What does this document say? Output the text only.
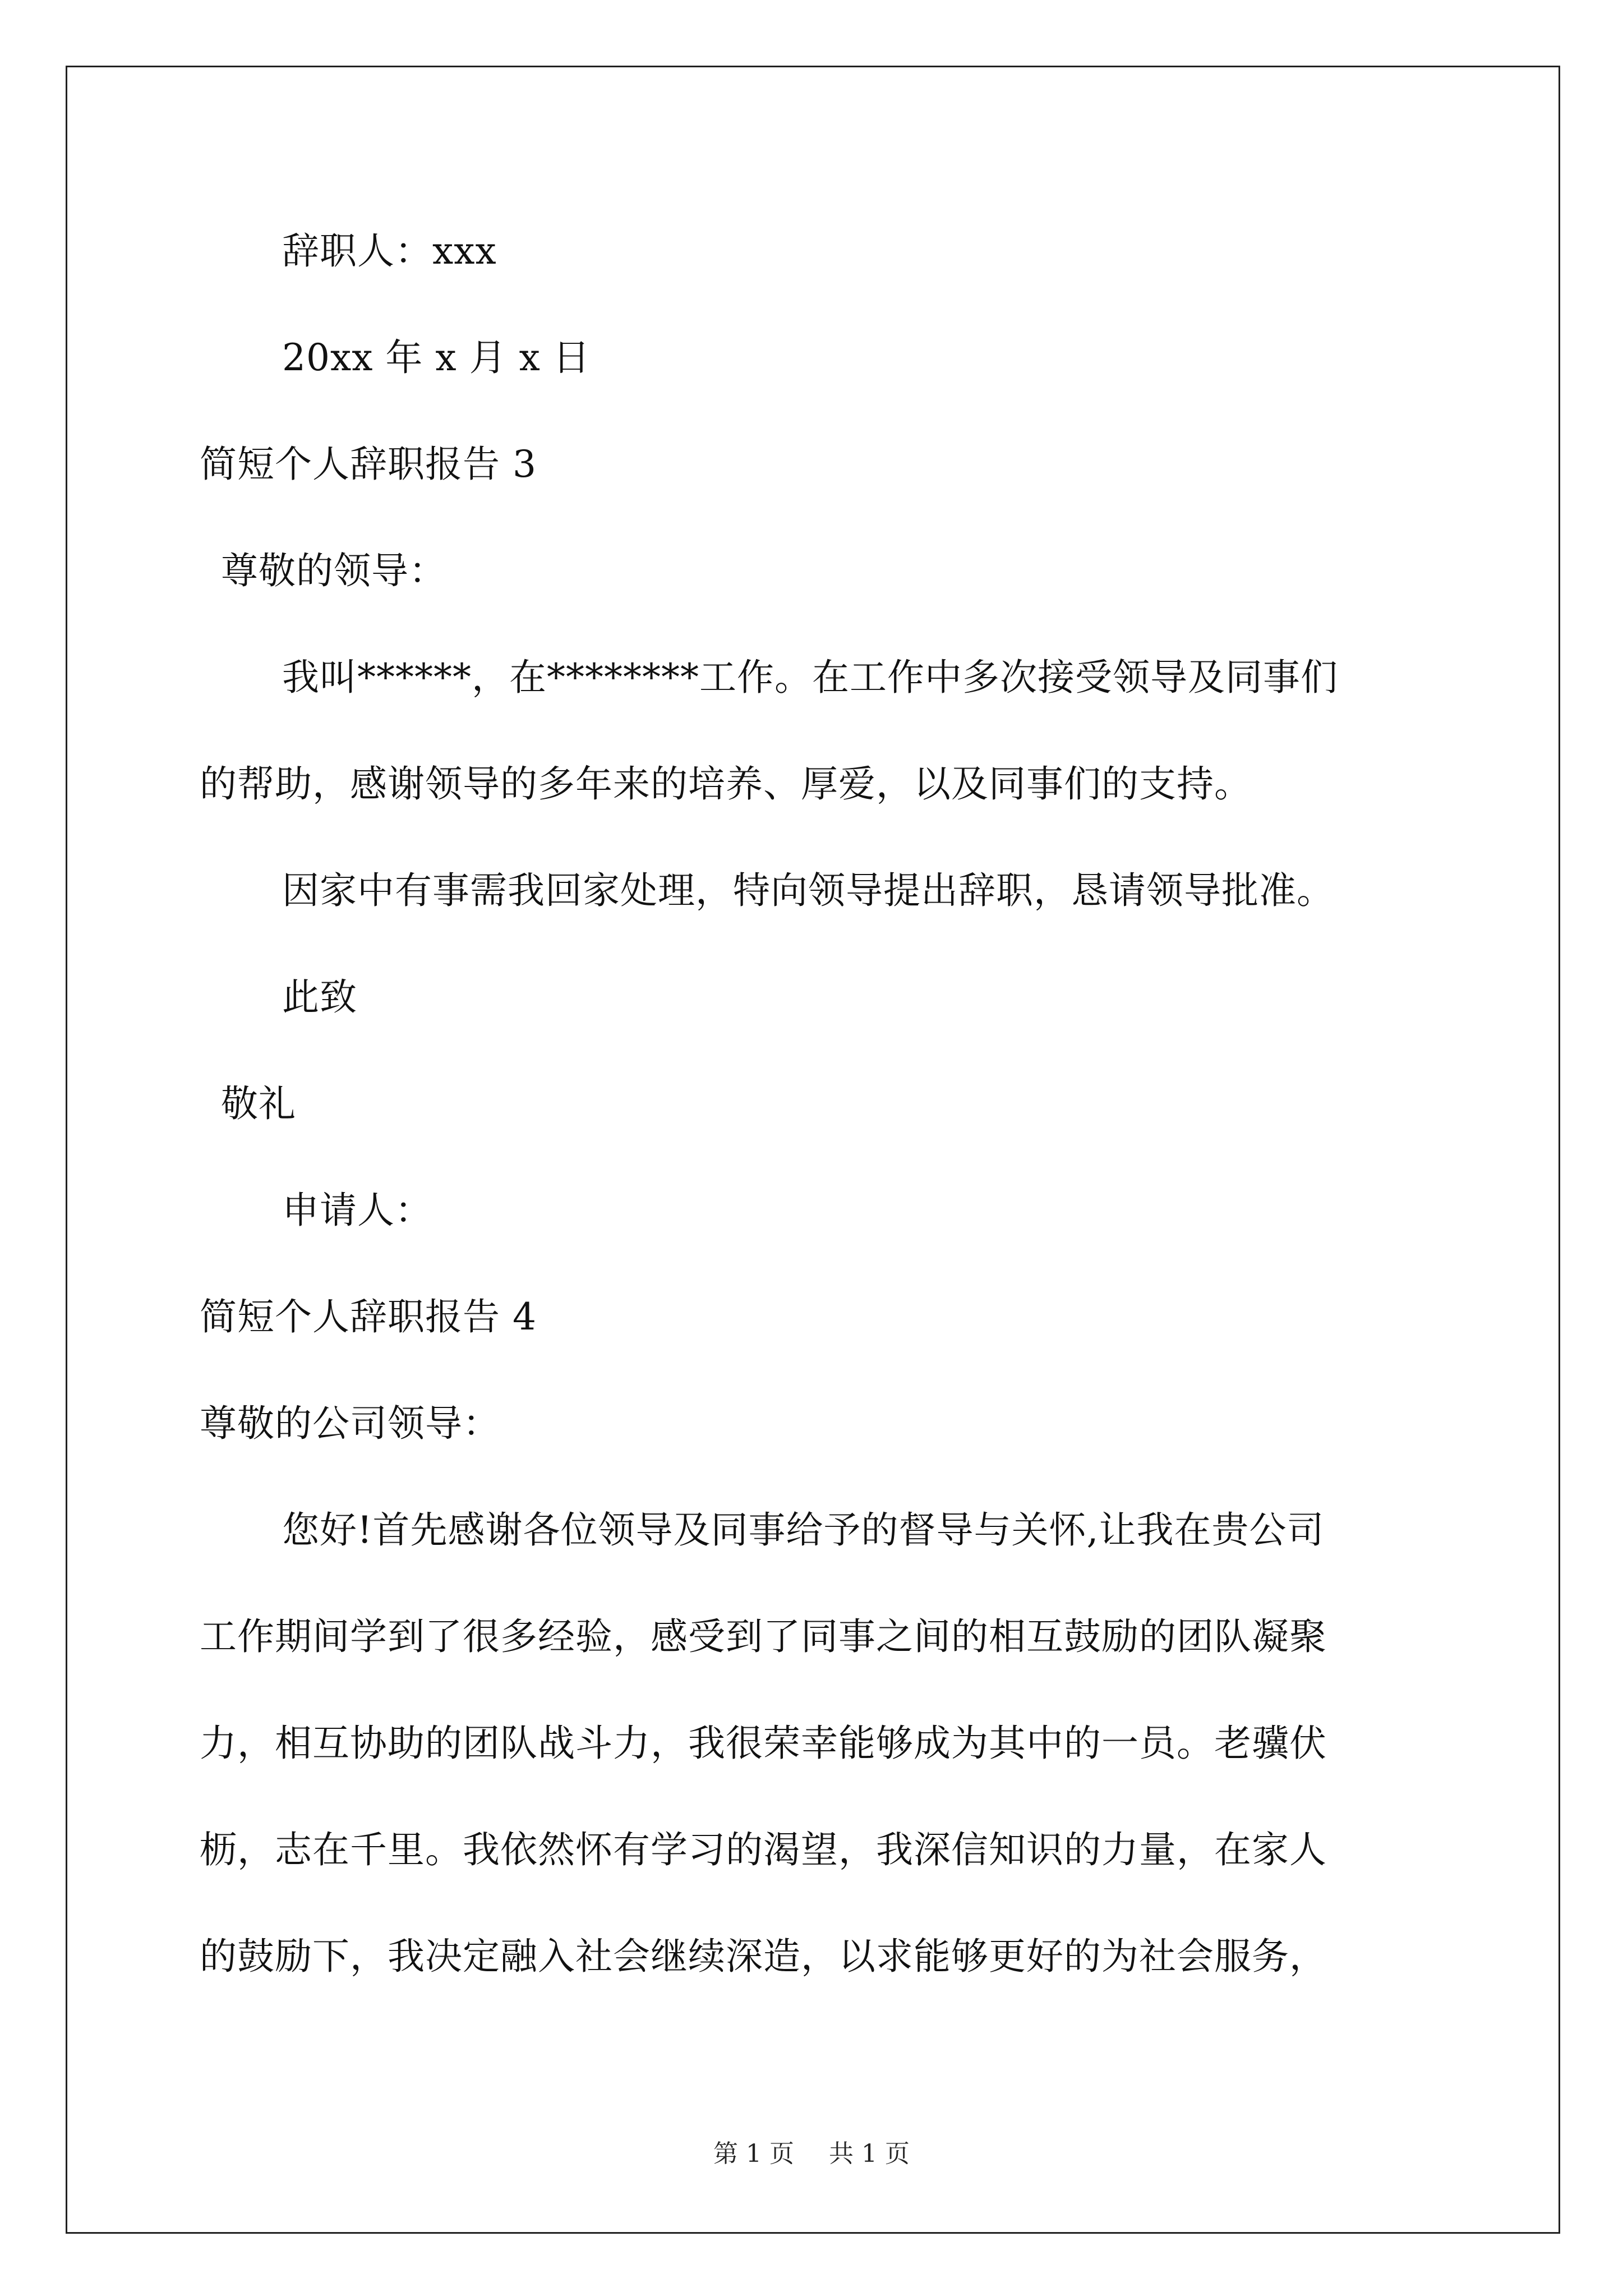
辞职人：xxx
20xx 年 x 月 x 日
简短个人辞职报告 3
尊敬的领导：
我叫******，在********工作。在工作中多次接受领导及同事们
的帮助，感谢领导的多年来的培养、厚爱，以及同事们的支持。
因家中有事需我回家处理，特向领导提出辞职，恳请领导批准。
此致
敬礼
申请人：
简短个人辞职报告 4
尊敬的公司领导：
您好!首先感谢各位领导及同事给予的督导与关怀,让我在贵公司
工作期间学到了很多经验，感受到了同事之间的相互鼓励的团队凝聚
力，相互协助的团队战斗力，我很荣幸能够成为其中的一员。老骥伏
枥，志在千里。我依然怀有学习的渴望，我深信知识的力量，在家人
的鼓励下，我决定融入社会继续深造，以求能够更好的为社会服务，
第 1 页 共 1 页
